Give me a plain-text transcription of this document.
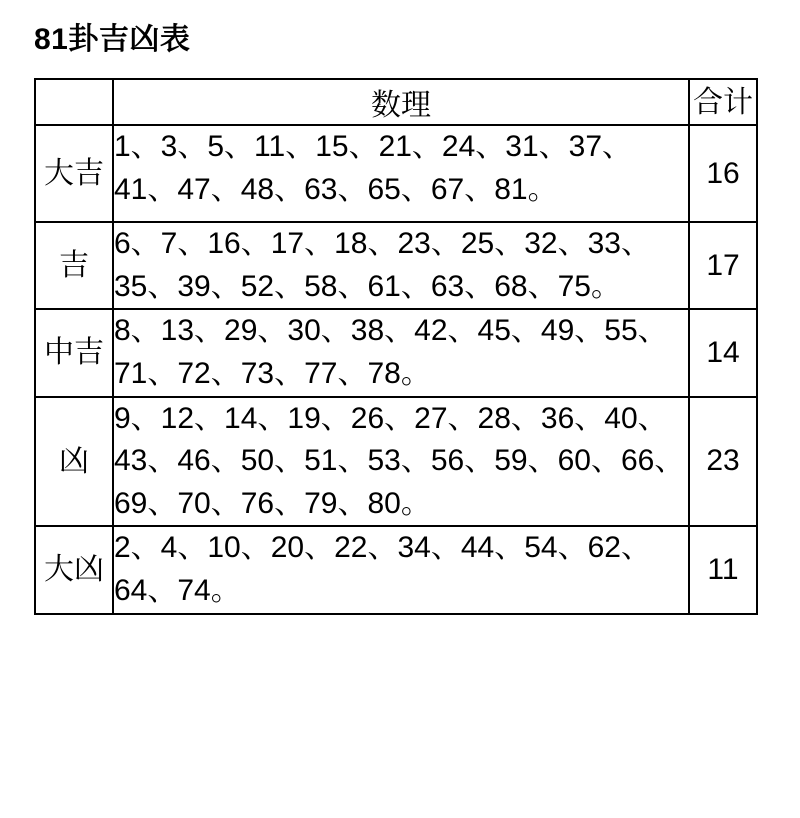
81卦吉凶表
	数理	合计
大吉	1、3、5、11、15、21、24、31、37、41、47、48、63、65、67、81。	16
吉	6、7、16、17、18、23、25、32、33、35、39、52、58、61、63、68、75。	17
中吉	8、13、29、30、38、42、45、49、55、71、72、73、77、78。	14
凶	9、12、14、19、26、27、28、36、40、43、46、50、51、53、56、59、60、66、69、70、76、79、80。	23
大凶	2、4、10、20、22、34、44、54、62、64、74。	11
